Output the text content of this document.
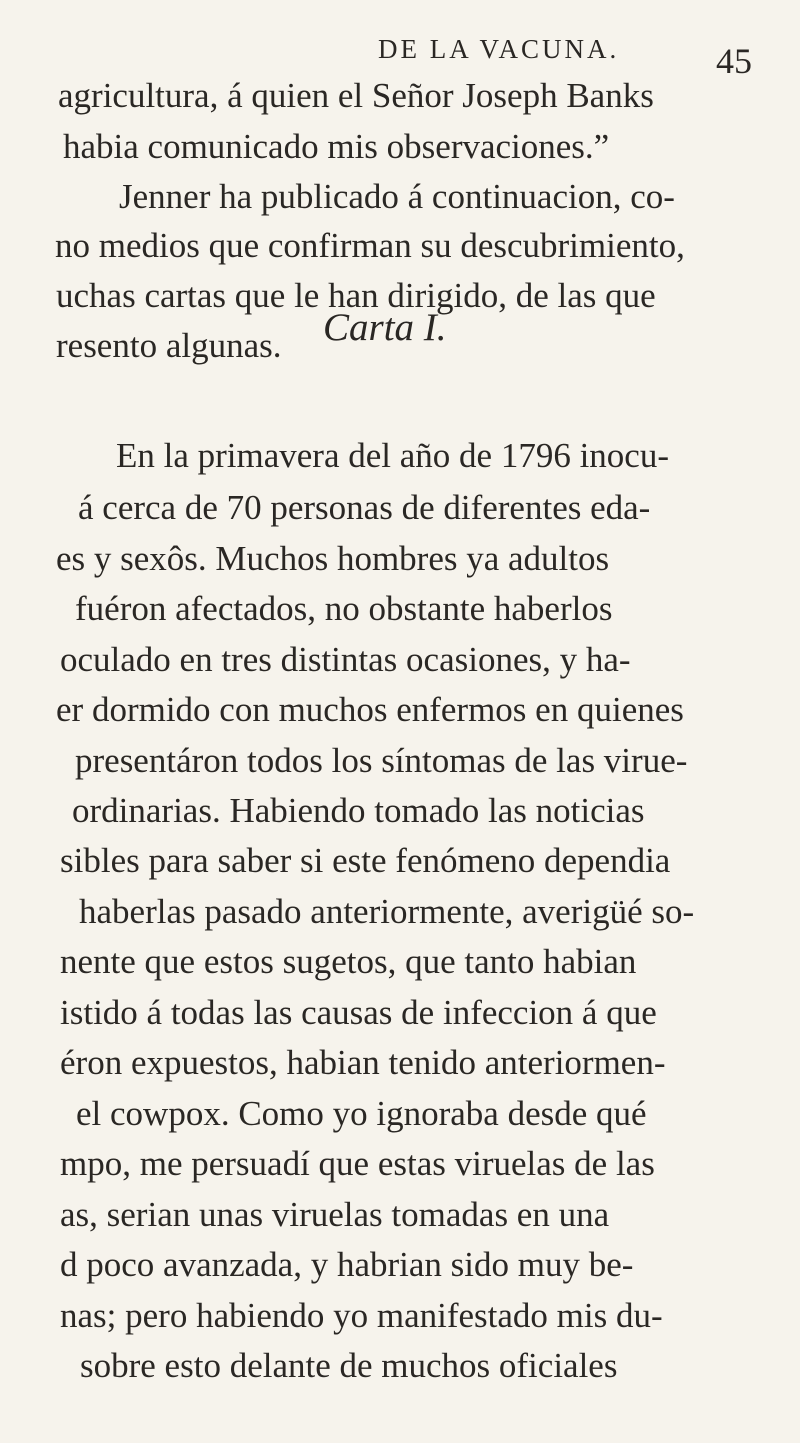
DE LA VACUNA.	45
agricultura, á quien el Señor Joseph Banks
habia comunicado mis observaciones.”
Jenner ha publicado á continuacion, co-
no medios que confirman su descubrimiento,
uchas cartas que le han dirigido, de las que
resento algunas. Carta I.
En la primavera del año de 1796 inocu-
á cerca de 70 personas de diferentes eda-
es y sexôs. Muchos hombres ya adultos
fuéron afectados, no obstante haberlos
oculado en tres distintas ocasiones, y ha-
er dormido con muchos enfermos en quienes
presentáron todos los síntomas de las virue-
ordinarias. Habiendo tomado las noticias
sibles para saber si este fenómeno dependia
haberlas pasado anteriormente, averigüé so-
nente que estos sugetos, que tanto habian
istido á todas las causas de infeccion á que
éron expuestos, habian tenido anteriormen-
el cowpox. Como yo ignoraba desde qué
mpo, me persuadí que estas viruelas de las
as, serian unas viruelas tomadas en una
d poco avanzada, y habrian sido muy be-
nas; pero habiendo yo manifestado mis du-
sobre esto delante de muchos oficiales
